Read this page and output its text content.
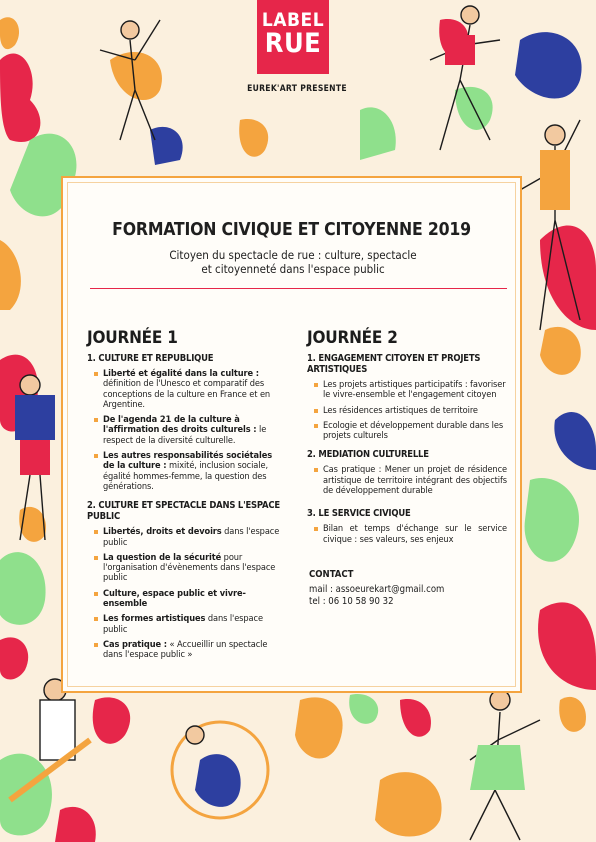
LABEL
RUE
EUREK'ART PRESENTE
FORMATION CIVIQUE ET CITOYENNE 2019
Citoyen du spectacle de rue : culture, spectacle
et citoyenneté dans l'espace public
JOURNÉE 1
1. CULTURE ET REPUBLIQUE
Liberté et égalité dans la culture : définition de l'Unesco et comparatif des conceptions de la culture en France et en Argentine.
De l'agenda 21 de la culture à l'affirmation des droits culturels : le respect de la diversité culturelle.
Les autres responsabilités sociétales de la culture : mixité, inclusion sociale, égalité hommes-femme, la question des générations.
2. CULTURE ET SPECTACLE DANS L'ESPACE PUBLIC
Libertés, droits et devoirs dans l'espace public
La question de la sécurité pour l'organisation d'évènements dans l'espace public
Culture, espace public et vivre-ensemble
Les formes artistiques dans l'espace public
Cas pratique : « Accueillir un spectacle dans l'espace public »
JOURNÉE 2
1. ENGAGEMENT CITOYEN ET PROJETS ARTISTIQUES
Les projets artistiques participatifs : favoriser le vivre-ensemble et l'engagement citoyen
Les résidences artistiques de territoire
Ecologie et développement durable dans les projets culturels
2. MEDIATION CULTURELLE
Cas pratique : Mener un projet de résidence artistique de territoire intégrant des objectifs de développement durable
3. LE SERVICE CIVIQUE
Bilan et temps d'échange sur le service civique : ses valeurs, ses enjeux
CONTACT
mail : assoeurekart@gmail.com
tel : 06 10 58 90 32
